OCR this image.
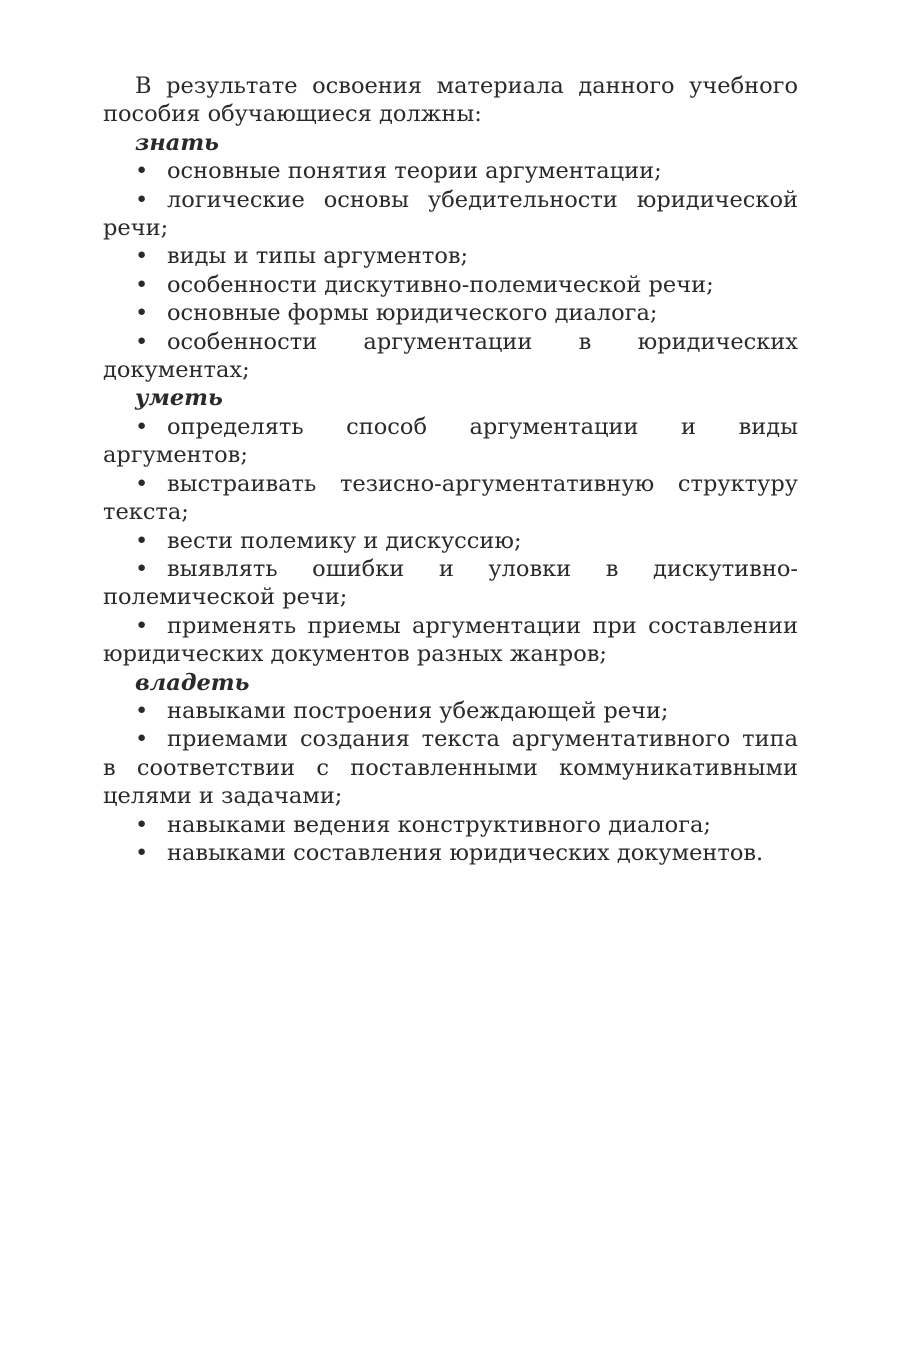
В результате освоения материала данного учебного пособия обучающиеся должны:

знать

• основные понятия теории аргументации;
• логические основы убедительности юридической речи;
• виды и типы аргументов;
• особенности дискутивно-полемической речи;
• основные формы юридического диалога;
• особенности аргументации в юридических документах;

уметь

• определять способ аргументации и виды аргументов;
• выстраивать тезисно-аргументативную структуру текста;
• вести полемику и дискуссию;
• выявлять ошибки и уловки в дискутивно-полемической речи;
• применять приемы аргументации при составлении юридических документов разных жанров;

владеть

• навыками построения убеждающей речи;
• приемами создания текста аргументативного типа в соответствии с поставленными коммуникативными целями и задачами;
• навыками ведения конструктивного диалога;
• навыками составления юридических документов.
